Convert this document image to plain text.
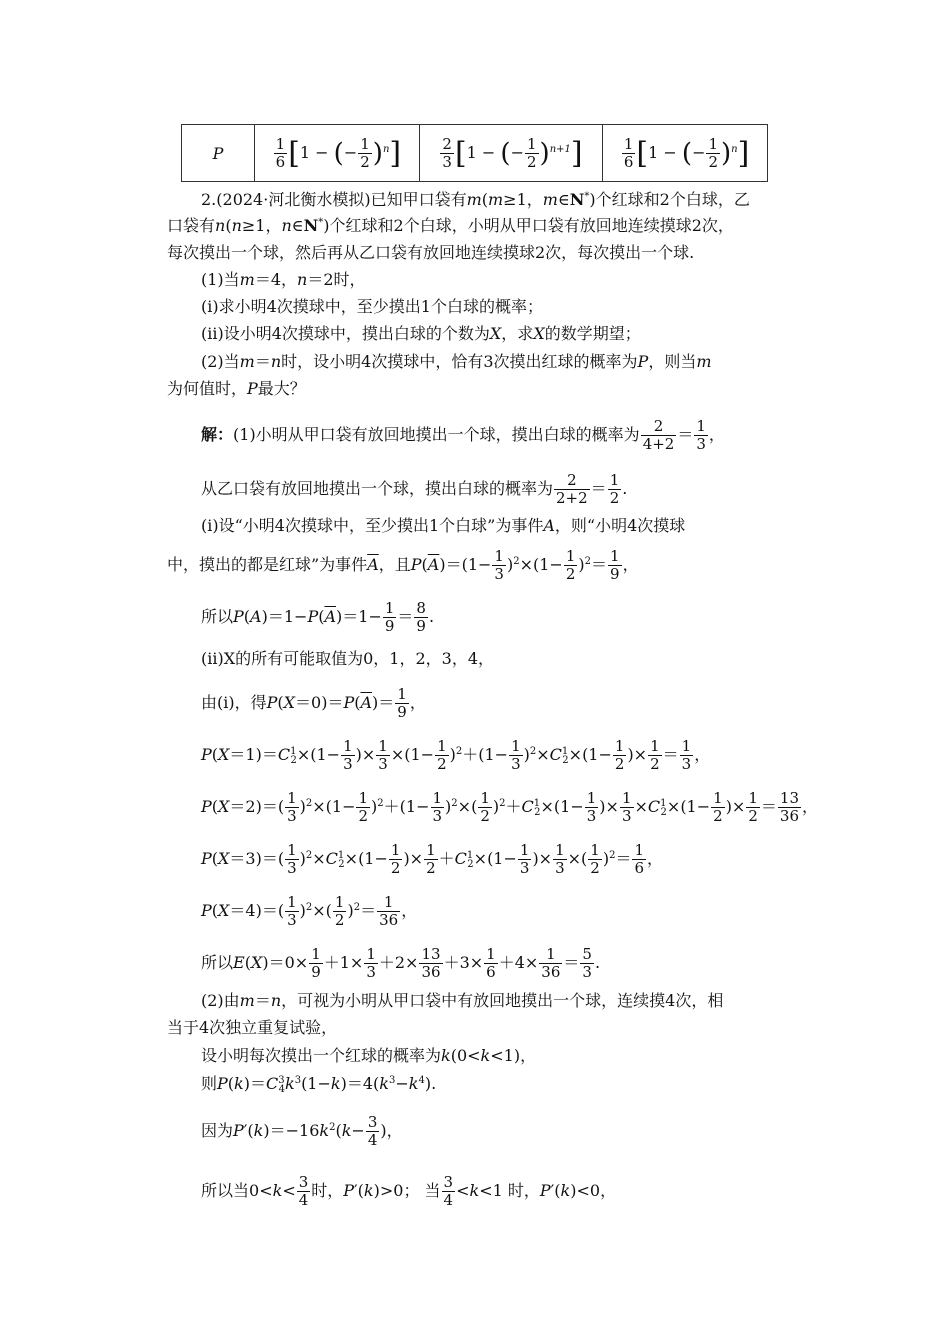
P	$\frac{1}{6} [1$ − (− $\frac{1}{2} )^n$]	$\frac{2}{3} [1$ − (− $\frac{1}{2} )^{n+1}$]	$\frac{1}{6} [1$ − (− $\frac{1}{2} )^n$]
2.(2024·河北衡水模拟)已知甲口袋有m(m≥1，m∈N*)个红球和2个白球，乙
口袋有n(n≥1，n∈N*)个红球和2个白球，小明从甲口袋有放回地连续摸球2次，
每次摸出一个球，然后再从乙口袋有放回地连续摸球2次，每次摸出一个球.
(1)当m＝4，n＝2时，
(i)求小明4次摸球中，至少摸出1个白球的概率；
(ii)设小明4次摸球中，摸出白球的个数为X，求X的数学期望；
(2)当m＝n时，设小明4次摸球中，恰有3次摸出红球的概率为P，则当m
为何值时，P最大？
解：(1)小明从甲口袋有放回地摸出一个球，摸出白球的概率为 $\frac{2}{4+2} = \frac{1}{3}$ ，
从乙口袋有放回地摸出一个球，摸出白球的概率为 $\frac{2}{2+2} = \frac{1}{2}$ .
(i)设“小明4次摸球中，至少摸出1个白球”为事件A，则“小明4次摸球
中，摸出的都是红球”为事件$\overline{A}$，且$P(\overline{A})=(1- \frac{1}{3} )^2\times(1- \frac{1}{2} )^2= \frac{1}{9}$ ，
所以$P(A)=1-P(\overline{A})=1- \frac{1}{9} = \frac{8}{9}$ .
(ii)X的所有可能取值为0，1，2，3，4，
由(i)，得$P(X=0)=P(\overline{A})= \frac{1}{9}$ ，
$P(X=1)=C^1_2\times(1- \frac{1}{3}$ )× $\frac{1}{3} \times(1- \frac{1}{2} )^2+(1- \frac{1}{3} )^2\times C^1_2\times(1- \frac{1}{2}$ )× $\frac{1}{2} = \frac{1}{3}$ ，
$P(X=2)=( \frac{1}{3} )^2\times(1- \frac{1}{2} )^2+(1- \frac{1}{3} )^2\times( \frac{1}{2} )^2+C^1_2\times(1- \frac{1}{3}$ )× $\frac{1}{3} \times C^1_2\times(1- \frac{1}{2}$ )× $\frac{1}{2} = \frac{13}{36}$ ，
$P(X=3)=( \frac{1}{3} )^2\times C^1_2\times(1- \frac{1}{2}$ )× $\frac{1}{2} +C^1_2\times(1- \frac{1}{3}$ )× $\frac{1}{3}$ ×( $\frac{1}{2} )^2= \frac{1}{6}$ ，
$P(X=4)=( \frac{1}{3} )^2\times( \frac{1}{2} )^2= \frac{1}{36}$ ，
所以$E(X)=0\times \frac{1}{9} +1\times \frac{1}{3} +2\times \frac{13}{36} +3\times \frac{1}{6} +4\times \frac{1}{36} = \frac{5}{3}$ .
(2)由m＝n，可视为小明从甲口袋中有放回地摸出一个球，连续摸4次，相
当于4次独立重复试验，
设小明每次摸出一个红球的概率为k(0<k<1)，
则$P(k)=C^3_4k^3(1-k)=4(k^3-k^4)$.
因为$P'(k)=-16k^2(k- \frac{3}{4}$ )，
所以当$0<k< \frac{3}{4}$ 时，P′(k)>0； 当 $\frac{3}{4} <k<1$ 时，P′(k)<0，
